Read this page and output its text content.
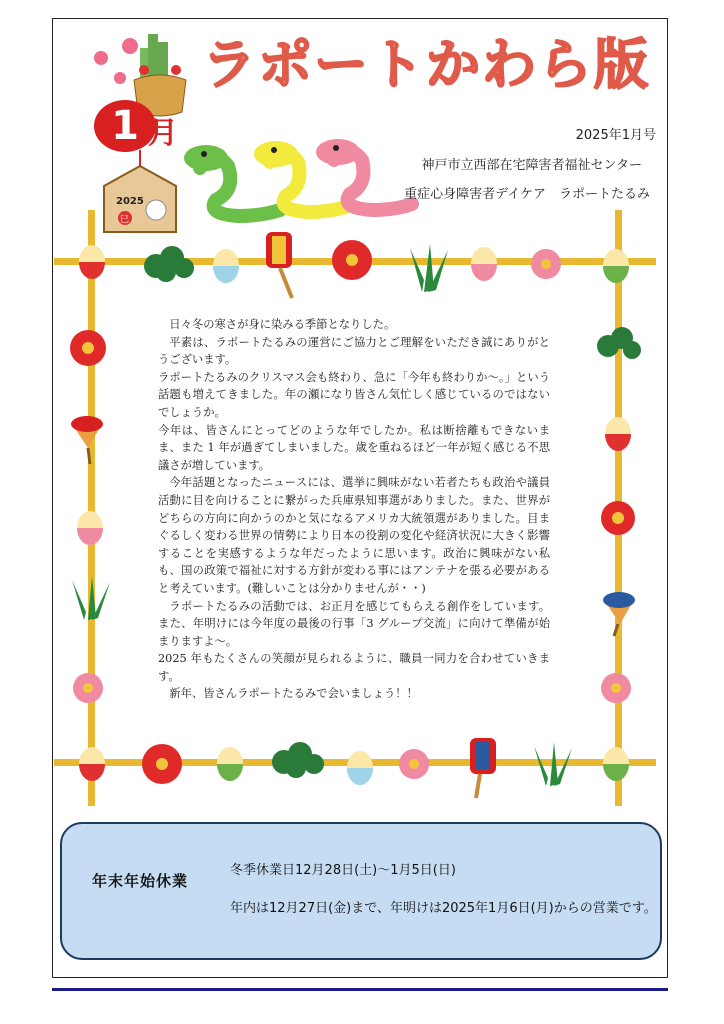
2025
巳
ラポートかわら版
1 月	2025年1月号
神戸市立西部在宅障害者福祉センター
重症心身障害者デイケア　ラポートたるみ

日々冬の寒さが身に染みる季節となりした。

平素は、ラポートたるみの運営にご協力とご理解をいただき誠にありがとうございます。

ラポートたるみのクリスマス会も終わり、急に「今年も終わりか〜。」という話題も増えてきました。年の瀬になり皆さん気忙しく感じているのではないでしょうか。

今年は、皆さんにとってどのような年でしたか。私は断捨離もできないまま、また 1 年が過ぎてしまいました。歳を重ねるほど一年が短く感じる不思議さが増しています。

今年話題となったニュースには、選挙に興味がない若者たちも政治や議員活動に目を向けることに繋がった兵庫県知事選がありました。また、世界がどちらの方向に向かうのかと気になるアメリカ大統領選がありました。目まぐるしく変わる世界の情勢により日本の役割の変化や経済状況に大きく影響することを実感するような年だったように思います。政治に興味がない私も、国の政策で福祉に対する方針が変わる事にはアンテナを張る必要があると考えています。(難しいことは分かりませんが・・)

ラポートたるみの活動では、お正月を感じてもらえる創作をしています。また、年明けには今年度の最後の行事「3 グループ交流」に向けて準備が始まりますよ〜。

2025 年もたくさんの笑顔が見られるように、職員一同力を合わせていきます。

新年、皆さんラポートたるみで会いましょう！！

年末年始休業
冬季休業日12月28日(土)〜1月5日(日)
年内は12月27日(金)まで、年明けは2025年1月6日(月)からの営業です。
